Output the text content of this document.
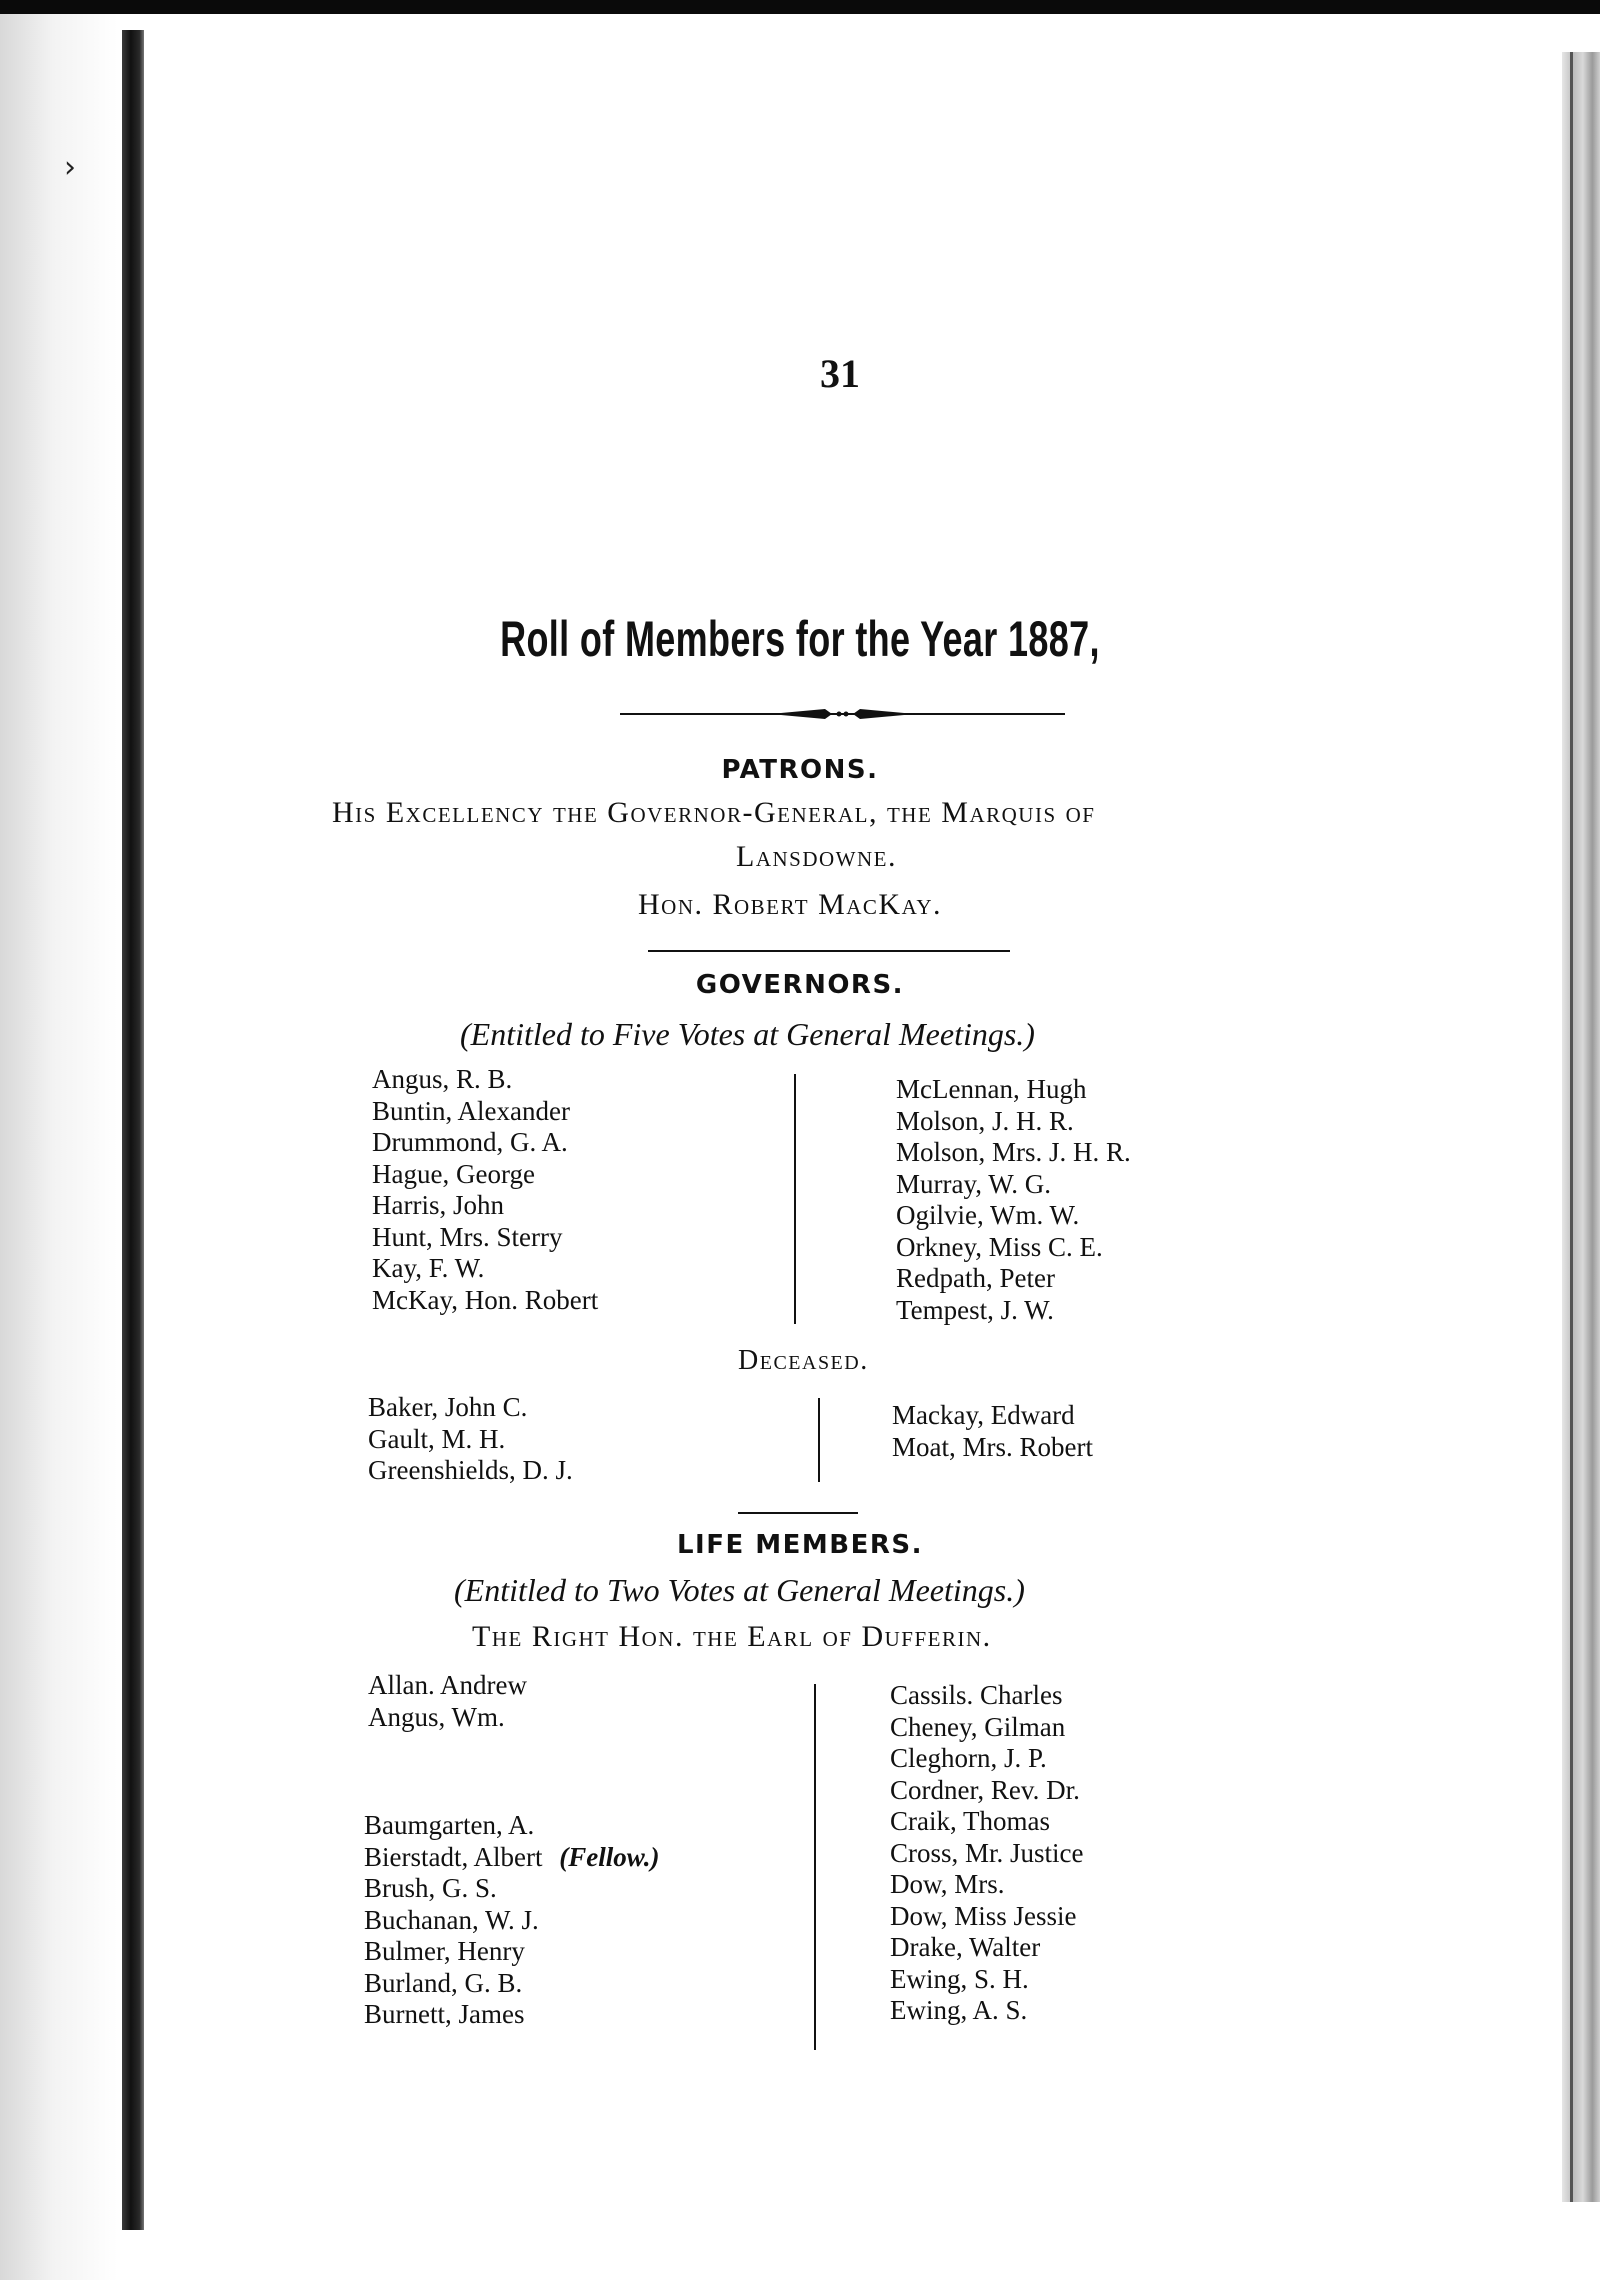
›
31
Roll of Members for the Year 1887,
PATRONS.
His Excellency the Governor-General, the Marquis of
Lansdowne.
Hon. Robert MacKay.
GOVERNORS.
(Entitled to Five Votes at General Meetings.)
Angus, R. B.
Buntin, Alexander
Drummond, G. A.
Hague, George
Harris, John
Hunt, Mrs. Sterry
Kay, F. W.
McKay, Hon. Robert
McLennan, Hugh
Molson, J. H. R.
Molson, Mrs. J. H. R.
Murray, W. G.
Ogilvie, Wm. W.
Orkney, Miss C. E.
Redpath, Peter
Tempest, J. W.
Deceased.
Baker, John C.
Gault, M. H.
Greenshields, D. J.
Mackay, Edward
Moat, Mrs. Robert
LIFE MEMBERS.
(Entitled to Two Votes at General Meetings.)
The Right Hon. the Earl of Dufferin.
Allan. Andrew
Angus, Wm.
Baumgarten, A.
Bierstadt, Albert (Fellow.)
Brush, G. S.
Buchanan, W. J.
Bulmer, Henry
Burland, G. B.
Burnett, James
Cassils. Charles
Cheney, Gilman
Cleghorn, J. P.
Cordner, Rev. Dr.
Craik, Thomas
Cross, Mr. Justice
Dow, Mrs.
Dow, Miss Jessie
Drake, Walter
Ewing, S. H.
Ewing, A. S.
